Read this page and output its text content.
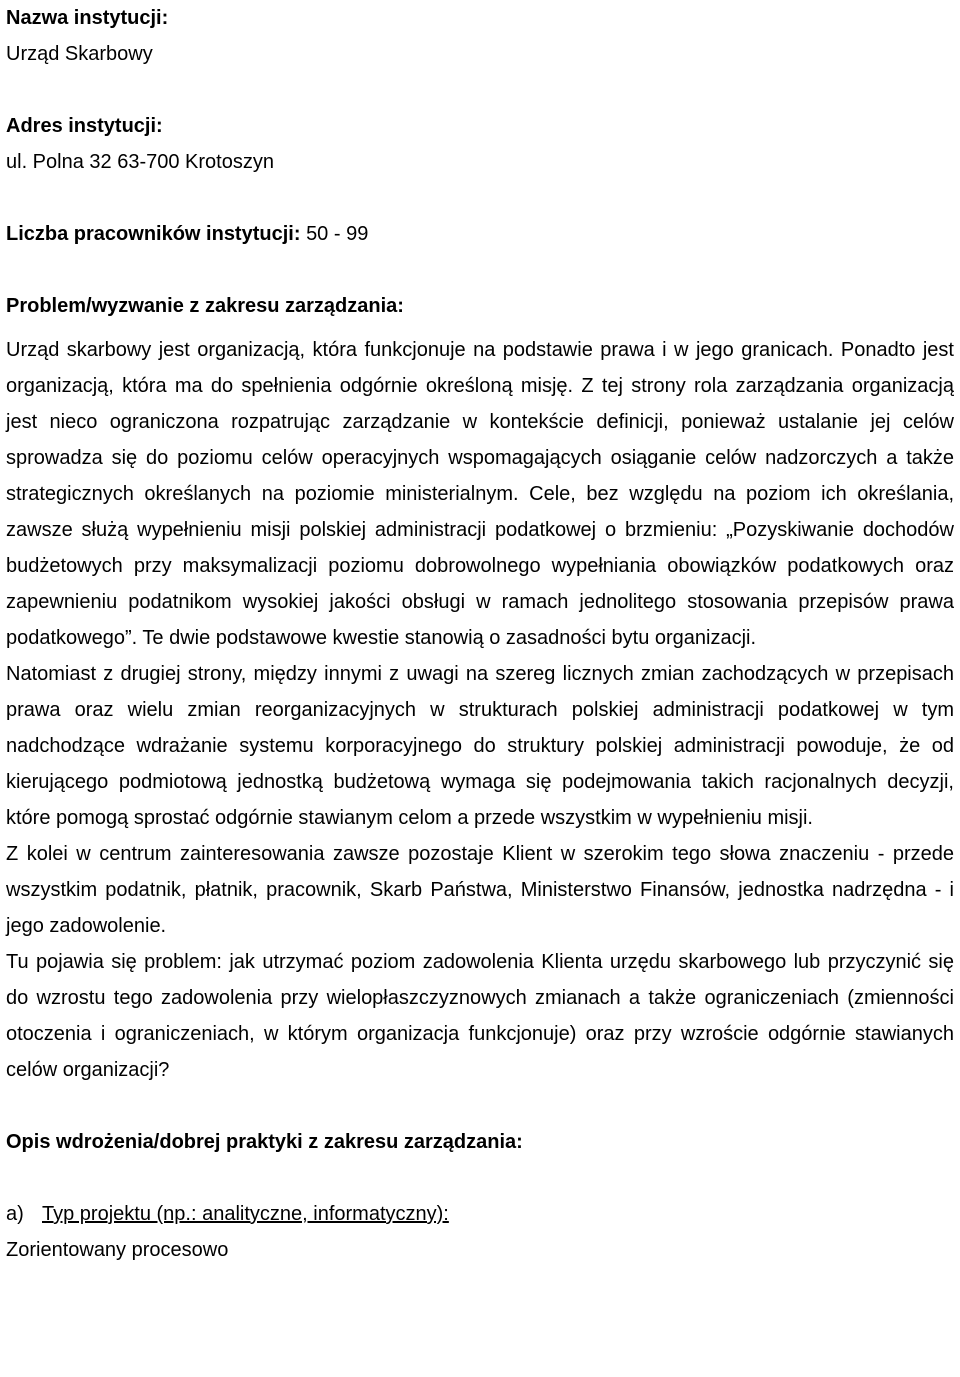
Nazwa instytucji:

Urząd Skarbowy

Adres instytucji:

ul. Polna 32 63-700 Krotoszyn

Liczba pracowników instytucji: 50 - 99

Problem/wyzwanie z zakresu zarządzania:

Urząd skarbowy jest organizacją, która funkcjonuje na podstawie prawa i w jego granicach. Ponadto jest organizacją, która ma do spełnienia odgórnie określoną misję. Z tej strony rola zarządzania organizacją jest nieco ograniczona rozpatrując zarządzanie w kontekście definicji, ponieważ ustalanie jej celów sprowadza się do poziomu celów operacyjnych wspomagających osiąganie celów nadzorczych a także strategicznych określanych na poziomie ministerialnym. Cele, bez względu na poziom ich określania, zawsze służą wypełnieniu misji polskiej administracji podatkowej o brzmieniu: „Pozyskiwanie dochodów budżetowych przy maksymalizacji poziomu dobrowolnego wypełniania obowiązków podatkowych oraz zapewnieniu podatnikom wysokiej jakości obsługi w ramach jednolitego stosowania przepisów prawa podatkowego”. Te dwie podstawowe kwestie stanowią o zasadności bytu organizacji.

Natomiast z drugiej strony, między innymi z uwagi na szereg licznych zmian zachodzących w przepisach prawa oraz wielu zmian reorganizacyjnych w strukturach polskiej administracji podatkowej w tym nadchodzące wdrażanie systemu korporacyjnego do struktury polskiej administracji powoduje, że od kierującego podmiotową jednostką budżetową wymaga się podejmowania takich racjonalnych decyzji, które pomogą sprostać odgórnie stawianym celom a przede wszystkim w wypełnieniu misji.

Z kolei w centrum zainteresowania zawsze pozostaje Klient w szerokim tego słowa znaczeniu - przede wszystkim podatnik, płatnik, pracownik, Skarb Państwa, Ministerstwo Finansów, jednostka nadrzędna - i jego zadowolenie.

Tu pojawia się problem: jak utrzymać poziom zadowolenia Klienta urzędu skarbowego lub przyczynić się do wzrostu tego zadowolenia przy wielopłaszczyznowych zmianach a także ograniczeniach (zmienności otoczenia i ograniczeniach, w którym organizacja funkcjonuje) oraz przy wzroście odgórnie stawianych celów organizacji?

Opis wdrożenia/dobrej praktyki z zakresu zarządzania:

a) Typ projektu (np.: analityczne, informatyczny):

Zorientowany procesowo
